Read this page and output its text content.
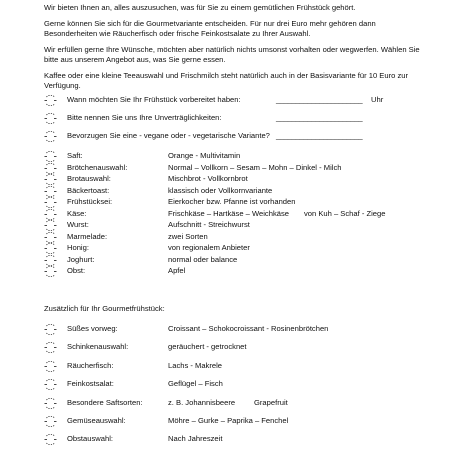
Wir bieten Ihnen an, alles auszusuchen, was für Sie zu einem gemütlichen Frühstück gehört.

Gerne können Sie sich für die Gourmetvariante entscheiden. Für nur drei Euro mehr gehören dann Besonderheiten wie Räucherfisch oder frische Feinkostsalate zu Ihrer Auswahl.

Wir erfüllen gerne Ihre Wünsche, möchten aber natürlich nichts umsonst vorhalten oder wegwerfen. Wählen Sie bitte aus unserem Angebot aus, was Sie gerne essen.

Kaffee oder eine kleine Teeauswahl und Frischmilch steht natürlich auch in der Basisvariante für 10 Euro zur Verfügung.

Wann möchten Sie Ihr Frühstück vorbereitet haben:	______________________ Uhr
Bitte nennen Sie uns Ihre Unverträglichkeiten:	______________________
Bevorzugen Sie eine - vegane oder - vegetarische Variante? ______________________
Saft:	Orange - Multivitamin
Brötchenauswahl:	Normal – Vollkorn – Sesam – Mohn – Dinkel - Milch
Brotauswahl:	Mischbrot - Vollkornbrot
Bäckertoast:	klassisch oder Vollkornvariante
Frühstücksei:	Eierkocher bzw. Pfanne ist vorhanden
Käse:	Frischkäse – Hartkäse – Weichkäse von Kuh – Schaf - Ziege
Wurst:	Aufschnitt - Streichwurst
Marmelade:	zwei Sorten
Honig:	von regionalem Anbieter
Joghurt:	normal oder balance
Obst:	Apfel
Zusätzlich für Ihr Gourmetfrühstück:
Süßes vorweg:	Croissant – Schokocroissant - Rosinenbrötchen
Schinkenauswahl:	geräuchert - getrocknet
Räucherfisch:	Lachs - Makrele
Feinkostsalat:	Geflügel – Fisch
Besondere Saftsorten:	z. B. Johannisbeere Grapefruit
Gemüseauswahl:	Möhre – Gurke – Paprika – Fenchel
Obstauswahl:	Nach Jahreszeit
